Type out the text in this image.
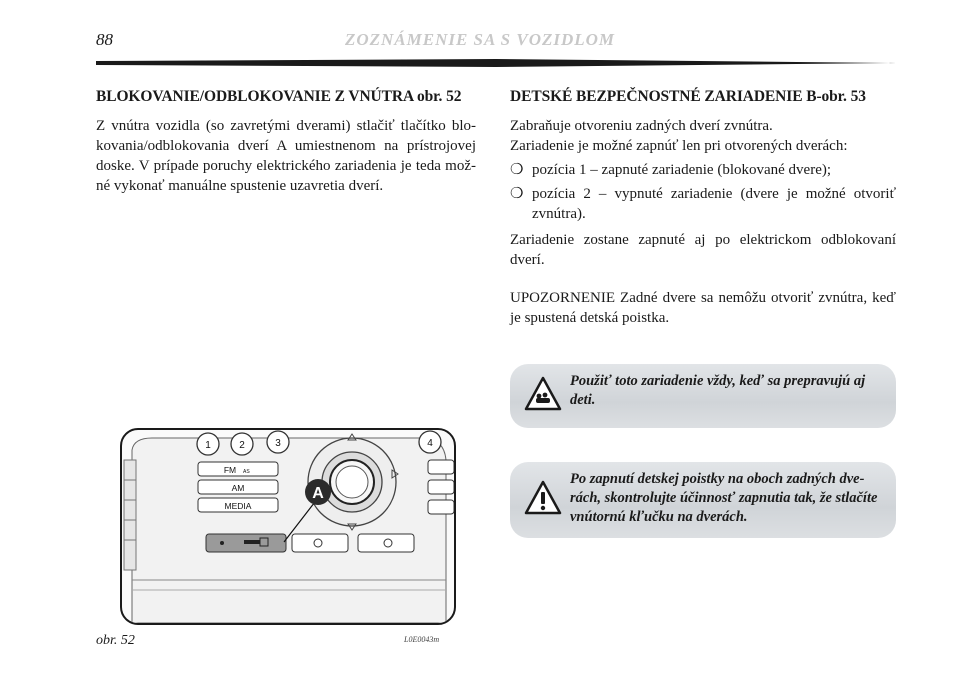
88	ZOZNÁMENIE SA S VOZIDLOM
BLOKOVANIE/ODBLOKOVANIE Z VNÚTRA obr. 52

Z vnútra vozidla (so zavretými dverami) stlačiť tlačítko blokovania/odblokovania dverí A umiestnenom na prístrojovej doske. V prípade poruchy elektrického zariadenia je teda možné vykonať manuálne spustenie uzavretia dverí.

DETSKÉ BEZPEČNOSTNÉ ZARIADENIE B-obr. 53

Zabraňuje otvoreniu zadných dverí zvnútra.

Zariadenie je možné zapnúť len pri otvorených dverách:

❍ pozícia 1 – zapnuté zariadenie (blokované dvere);
❍ pozícia 2 – vypnuté zariadenie (dvere je možné otvoriť zvnútra).

Zariadenie zostane zapnuté aj po elektrickom odblokovaní dverí.

UPOZORNENIE Zadné dvere sa nemôžu otvoriť zvnútra, keď je spustená detská poistka.

Použiť toto zariadenie vždy, keď sa prepravujú aj deti.
Po zapnutí detskej poistky na oboch zadných dverách, skontrolujte účinnosť zapnutia tak, že stlačíte vnútornú kľučku na dverách.
1	2	3	4
FM AS
AM
MEDIA
A
obr. 52	L0E0043m
